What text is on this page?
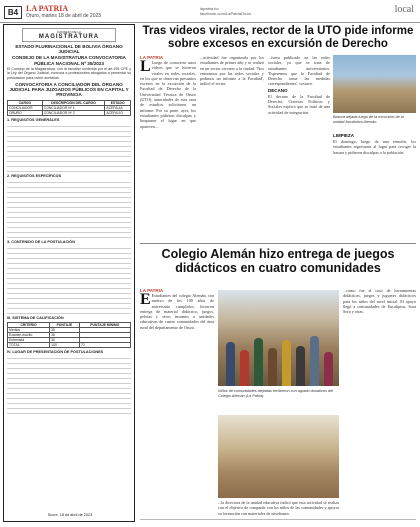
B4 LA PATRIA
Oruro, martes 18 de abril de 2023
lapatria.bo
facebook.com/LaPatriaOruro	local
CONSEJO DE LA
MAGISTRATURA
ESTADO PLURINACIONAL DE BOLIVIA ÓRGANO JUDICIAL
CONSEJO DE LA MAGISTRATURA CONVOCATORIA PÚBLICA NACIONAL Nº 35/2023
El Consejo de la Magistratura, con la facultad conferida por el art.195 CPE y la Ley del Órgano Judicial, convoca a profesionales abogados a presentar su postulación para cubrir acefalías.
CONVOCATORIA A CONCILIADOR DEL ÓRGANO JUDICIAL PARA JUZGADOS PÚBLICOS EN CAPITAL Y PROVINCIA
CARGO	DESCRIPCIÓN DEL CARGO	ESTADO
CONCILIADOR	CONCILIADOR Nº 1	ACEFALÍA
ORURO	CONCILIADOR Nº 2	ACEFALÍO
1. REQUISITOS GENERALES
2. REQUISITOS ESPECÍFICOS
3. CONTENIDO DE LA POSTULACIÓN
III. SISTEMA DE CALIFICACIÓN
CRITERIO	PUNTAJE	PUNTAJE MÍNIMO
Méritos	35	
Examen escrito	35	
Entrevista	30	
TOTAL	100	70
IV. LUGAR DE PRESENTACIÓN DE POSTULACIONES
Sucre, 18 de abril de 2023
Tras videos virales, rector de la UTO pide informe sobre excesos en excursión de Derecho
LA PATRIA
L Luego de conocerse unos videos que se hicieron virales en redes sociales, en los que se observan presuntos excesos en la excursión de la Facultad de Derecho de la Universidad Técnica de Oruro (UTO), autoridades de esta casa de estudios solicitaron un informe. Por su parte, ayer, los estudiantes pidieron disculpas y limpiaron el lugar en que aparecen...
...actividad fue organizada por los estudiantes de primer año y se realizó en un sector cercano a la ciudad. 'Nos enteramos por las redes sociales y pedimos un informe a la Facultad', indicó el rector.
...fuera publicado en las redes sociales, ya que se trata de estudiantes universitarios. 'Esperemos que la Facultad de Derecho tome las medidas correspondientes', sostuvo.
DECANO
El decano de la Facultad de Derecho, Ciencias Políticas y Sociales explicó que se trató de una actividad de integración.
Basura dejada luego de la excursión de la unidad facultativa Alemán.
LIMPIEZA
El domingo, luego de una reunión, los estudiantes regresaron al lugar para recoger la basura y pidieron disculpas a la población.
Colegio Alemán hizo entrega de juegos didácticos en cuatro comunidades
LA PATRIA
E Estudiantes del colegio Alemán, con motivo de los 100 años de aniversario cumplidos, hicieron entrega de material didáctico, juegos, pelotas y otros insumos a unidades educativas de cuatro comunidades del área rural del departamento de Oruro.
Niños de comunidades alejadas recibieron con agrado donativos del Colegio Alemán (La Patria).
...la directora de la unidad educativa indicó que esta actividad se realiza con el objetivo de compartir con los niños de las comunidades y apoyar su formación con materiales de enseñanza.
...como fue el caso de herramientas didácticas, juegos y juguetes didácticos para los niños del nivel inicial. El apoyo llegó a comunidades de Eucaliptus, Sora Sora y otras.
